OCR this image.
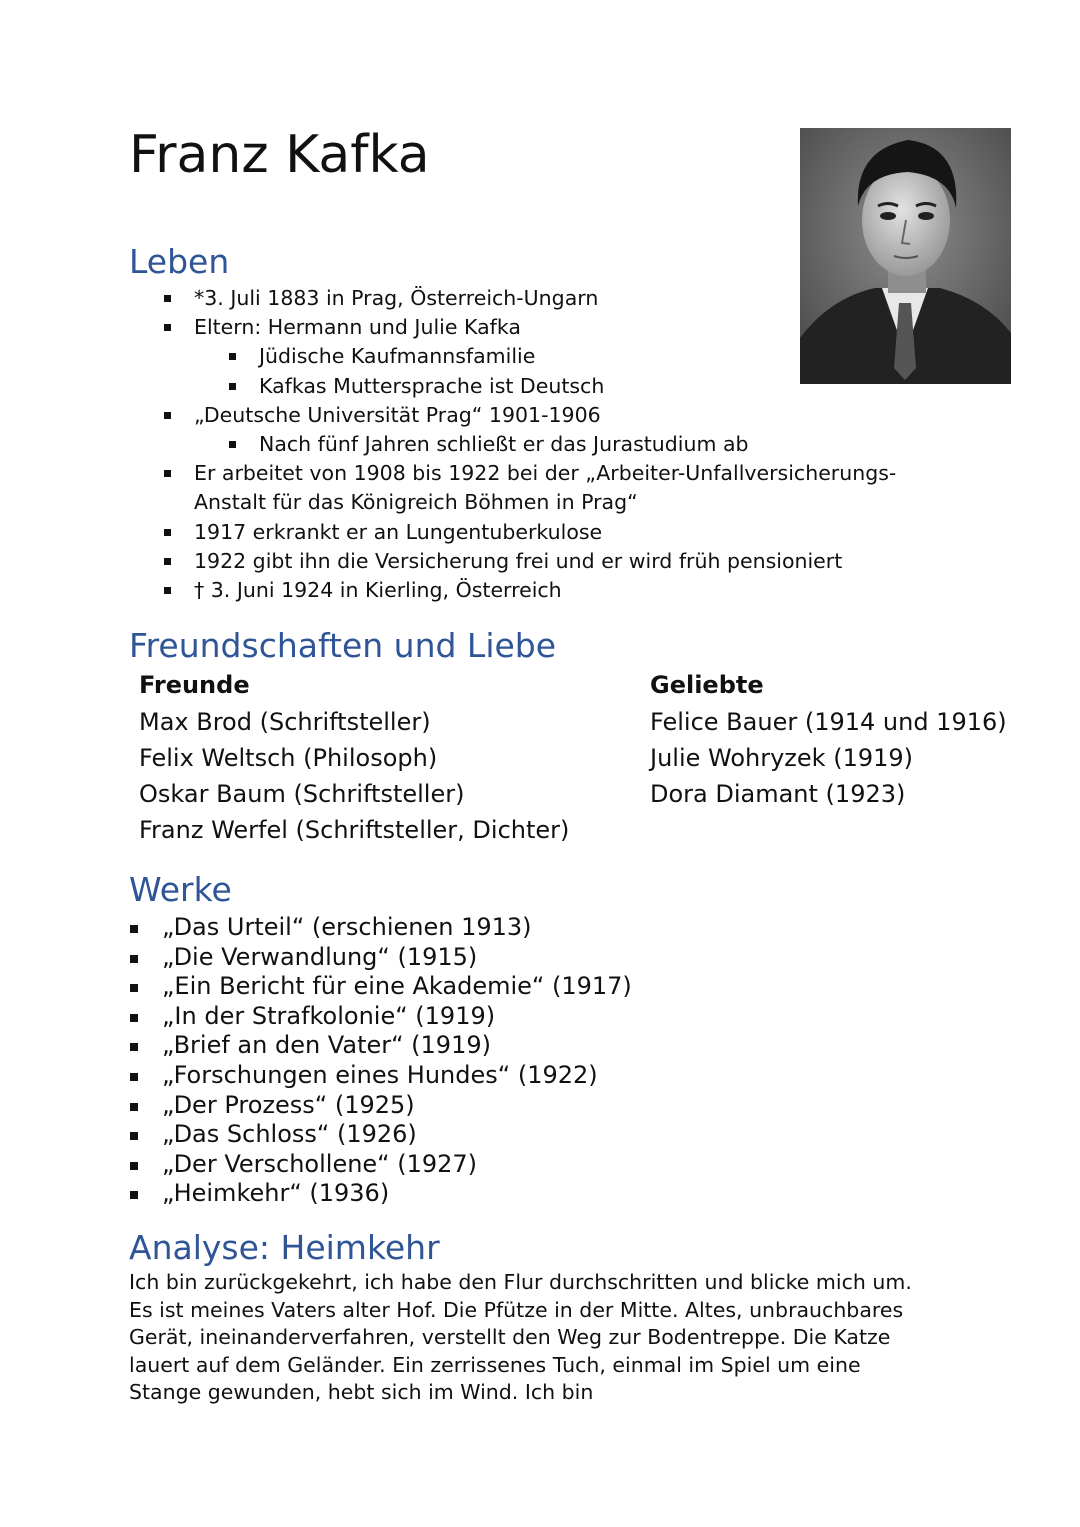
Franz Kafka
Leben
*3. Juli 1883 in Prag, Österreich-Ungarn
Eltern: Hermann und Julie Kafka
Jüdische Kaufmannsfamilie
Kafkas Muttersprache ist Deutsch
„Deutsche Universität Prag“ 1901-1906
Nach fünf Jahren schließt er das Jurastudium ab
Er arbeitet von 1908 bis 1922 bei der „Arbeiter-Unfallversicherungs-
Anstalt für das Königreich Böhmen in Prag“
1917 erkrankt er an Lungentuberkulose
1922 gibt ihn die Versicherung frei und er wird früh pensioniert
† 3. Juni 1924 in Kierling, Österreich
Freundschaften und Liebe
Freunde
Max Brod (Schriftsteller)
Felix Weltsch (Philosoph)
Oskar Baum (Schriftsteller)
Franz Werfel (Schriftsteller, Dichter)
Geliebte
Felice Bauer (1914 und 1916)
Julie Wohryzek (1919)
Dora Diamant (1923)
Werke
„Das Urteil“ (erschienen 1913)
„Die Verwandlung“ (1915)
„Ein Bericht für eine Akademie“ (1917)
„In der Strafkolonie“ (1919)
„Brief an den Vater“ (1919)
„Forschungen eines Hundes“ (1922)
„Der Prozess“ (1925)
„Das Schloss“ (1926)
„Der Verschollene“ (1927)
„Heimkehr“ (1936)
Analyse: Heimkehr

Ich bin zurückgekehrt, ich habe den Flur durchschritten und blicke mich um. Es ist meines Vaters alter Hof. Die Pfütze in der Mitte. Altes, unbrauchbares Gerät, ineinanderverfahren, verstellt den Weg zur Bodentreppe. Die Katze lauert auf dem Geländer. Ein zerrissenes Tuch, einmal im Spiel um eine Stange gewunden, hebt sich im Wind. Ich bin
